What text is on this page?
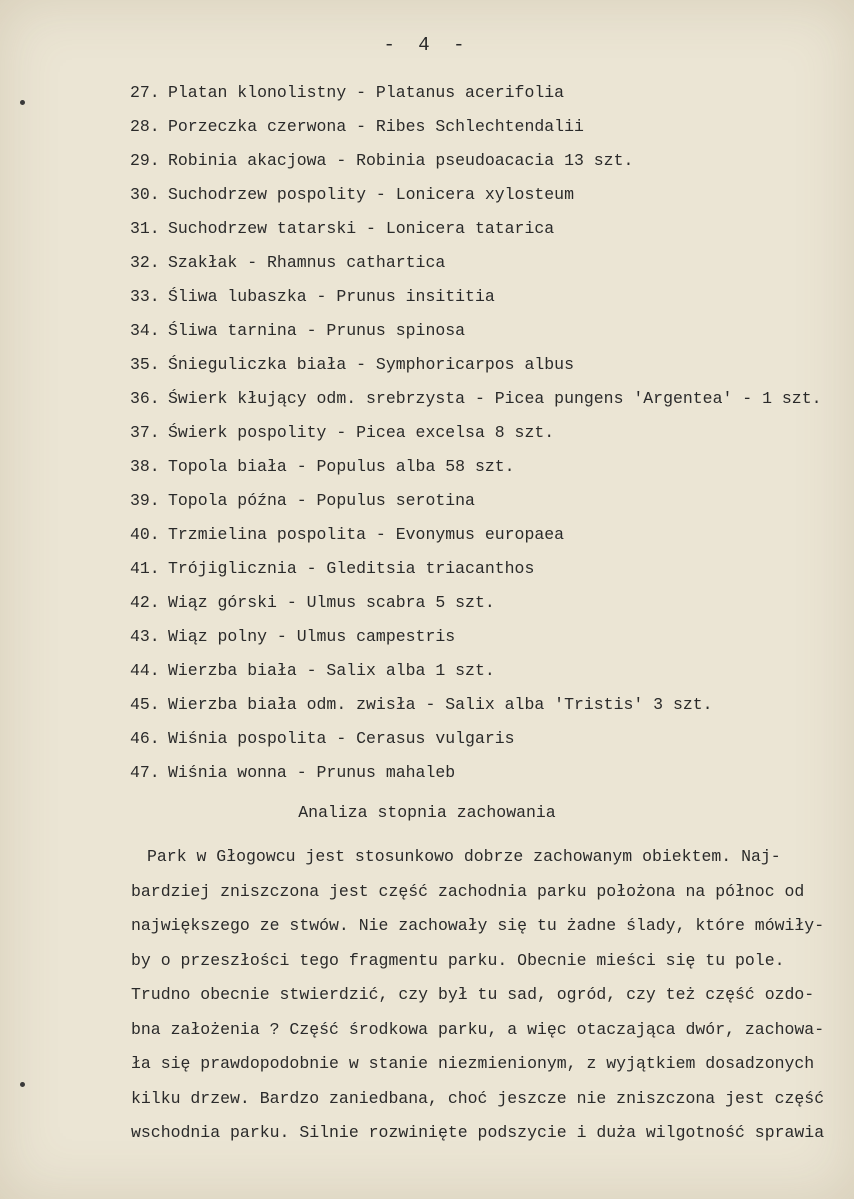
- 4 -
27. Platan klonolistny - Platanus acerifolia
28. Porzeczka czerwona - Ribes Schlechtendalii
29. Robinia akacjowa - Robinia pseudoacacia 13 szt.
30. Suchodrzew pospolity - Lonicera xylosteum
31. Suchodrzew tatarski - Lonicera tatarica
32. Szakłak - Rhamnus cathartica
33. Śliwa lubaszka - Prunus insititia
34. Śliwa tarnina - Prunus spinosa
35. Śnieguliczka biała - Symphoricarpos albus
36. Świerk kłujący odm. srebrzysta - Picea pungens 'Argentea' - 1 szt.
37. Świerk pospolity - Picea excelsa 8 szt.
38. Topola biała - Populus alba 58 szt.
39. Topola późna - Populus serotina
40. Trzmielina pospolita - Evonymus europaea
41. Trójiglicznia - Gleditsia triacanthos
42. Wiąz górski - Ulmus scabra 5 szt.
43. Wiąz polny - Ulmus campestris
44. Wierzba biała - Salix alba 1 szt.
45. Wierzba biała odm. zwisła - Salix alba 'Tristis' 3 szt.
46. Wiśnia pospolita - Cerasus vulgaris
47. Wiśnia wonna - Prunus mahaleb
Analiza stopnia zachowania
Park w Głogowcu jest stosunkowo dobrze zachowanym obiektem. Naj-
bardziej zniszczona jest część zachodnia parku położona na północ od
największego ze stwów. Nie zachowały się tu żadne ślady, które mówiły-
by o przeszłości tego fragmentu parku. Obecnie mieści się tu pole.
Trudno obecnie stwierdzić, czy był tu sad, ogród, czy też część ozdo-
bna założenia ? Część środkowa parku, a więc otaczająca dwór, zachowa-
ła się prawdopodobnie w stanie niezmienionym, z wyjątkiem dosadzonych
kilku drzew. Bardzo zaniedbana, choć jeszcze nie zniszczona jest część
wschodnia parku. Silnie rozwinięte podszycie i duża wilgotność sprawia
